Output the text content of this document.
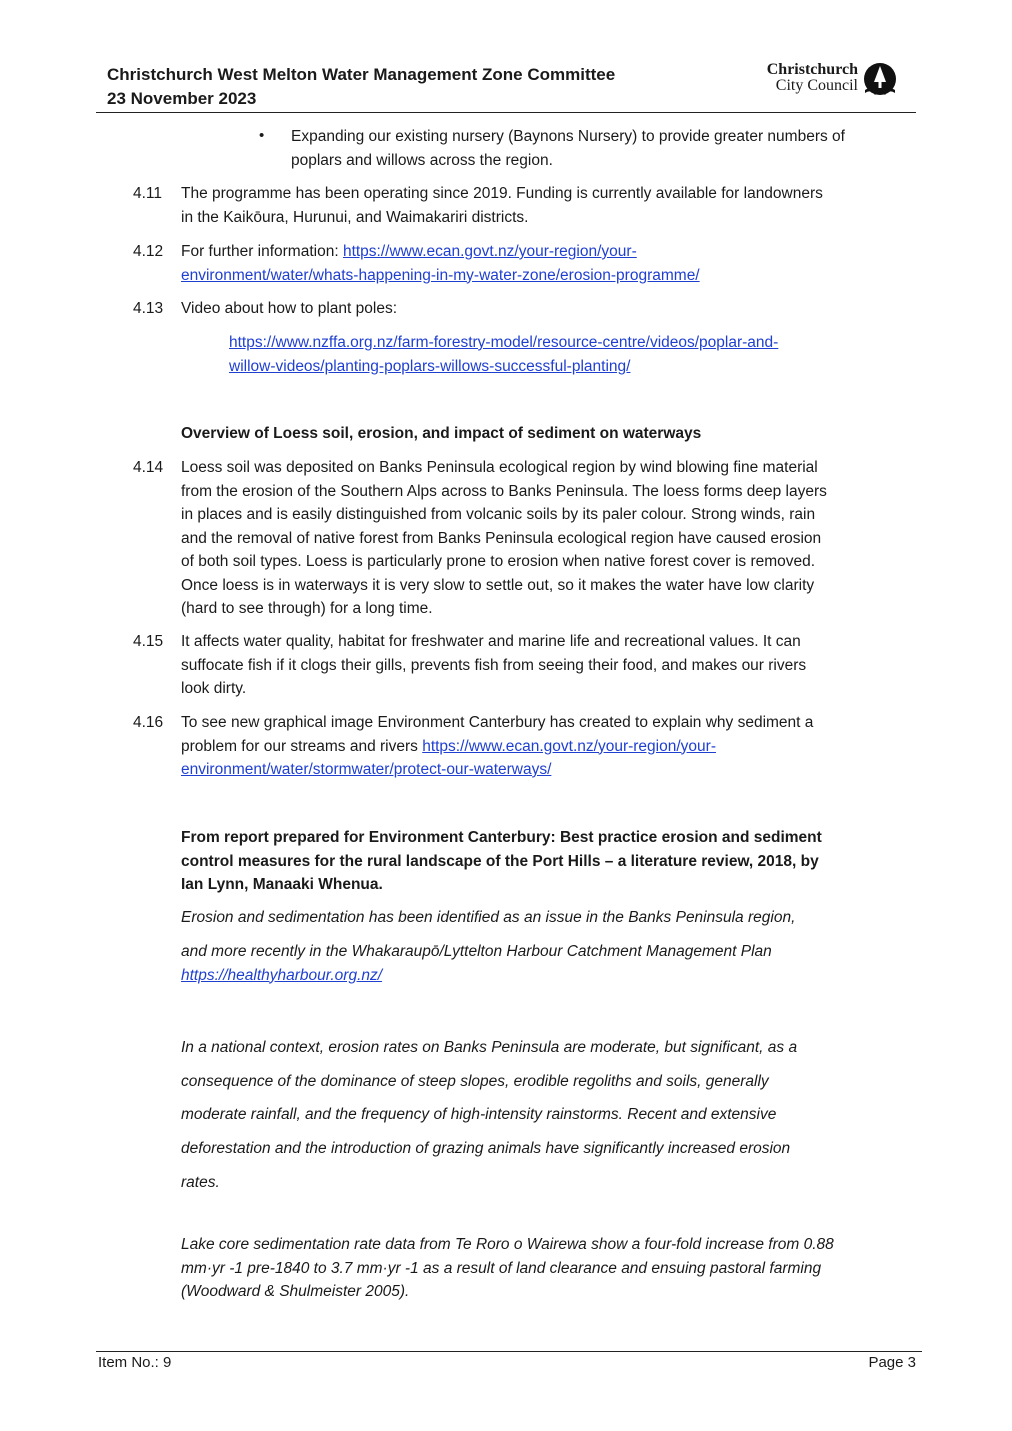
Christchurch West Melton Water Management Zone Committee
23 November 2023
Christchurch
City Council
• Expanding our existing nursery (Baynons Nursery) to provide greater numbers of
poplars and willows across the region.
4.11 The programme has been operating since 2019. Funding is currently available for landowners
in the Kaikōura, Hurunui, and Waimakariri districts.
4.12 For further information: https://www.ecan.govt.nz/your-region/your-
environment/water/whats-happening-in-my-water-zone/erosion-programme/
4.13 Video about how to plant poles:
https://www.nzffa.org.nz/farm-forestry-model/resource-centre/videos/poplar-and-
willow-videos/planting-poplars-willows-successful-planting/
Overview of Loess soil, erosion, and impact of sediment on waterways
4.14 Loess soil was deposited on Banks Peninsula ecological region by wind blowing fine material
from the erosion of the Southern Alps across to Banks Peninsula. The loess forms deep layers
in places and is easily distinguished from volcanic soils by its paler colour. Strong winds, rain
and the removal of native forest from Banks Peninsula ecological region have caused erosion
of both soil types. Loess is particularly prone to erosion when native forest cover is removed.
Once loess is in waterways it is very slow to settle out, so it makes the water have low clarity
(hard to see through) for a long time.
4.15 It affects water quality, habitat for freshwater and marine life and recreational values. It can
suffocate fish if it clogs their gills, prevents fish from seeing their food, and makes our rivers
look dirty.
4.16 To see new graphical image Environment Canterbury has created to explain why sediment a
problem for our streams and rivers https://www.ecan.govt.nz/your-region/your-
environment/water/stormwater/protect-our-waterways/
From report prepared for Environment Canterbury: Best practice erosion and sediment
control measures for the rural landscape of the Port Hills – a literature review, 2018, by
Ian Lynn, Manaaki Whenua.
Erosion and sedimentation has been identified as an issue in the Banks Peninsula region,
and more recently in the Whakaraupō/Lyttelton Harbour Catchment Management Plan
https://healthyharbour.org.nz/
In a national context, erosion rates on Banks Peninsula are moderate, but significant, as a
consequence of the dominance of steep slopes, erodible regoliths and soils, generally
moderate rainfall, and the frequency of high-intensity rainstorms. Recent and extensive
deforestation and the introduction of grazing animals have significantly increased erosion
rates.
Lake core sedimentation rate data from Te Roro o Wairewa show a four-fold increase from 0.88
mm·yr -1 pre-1840 to 3.7 mm·yr -1 as a result of land clearance and ensuing pastoral farming
(Woodward & Shulmeister 2005).
Item No.: 9	Page 3
